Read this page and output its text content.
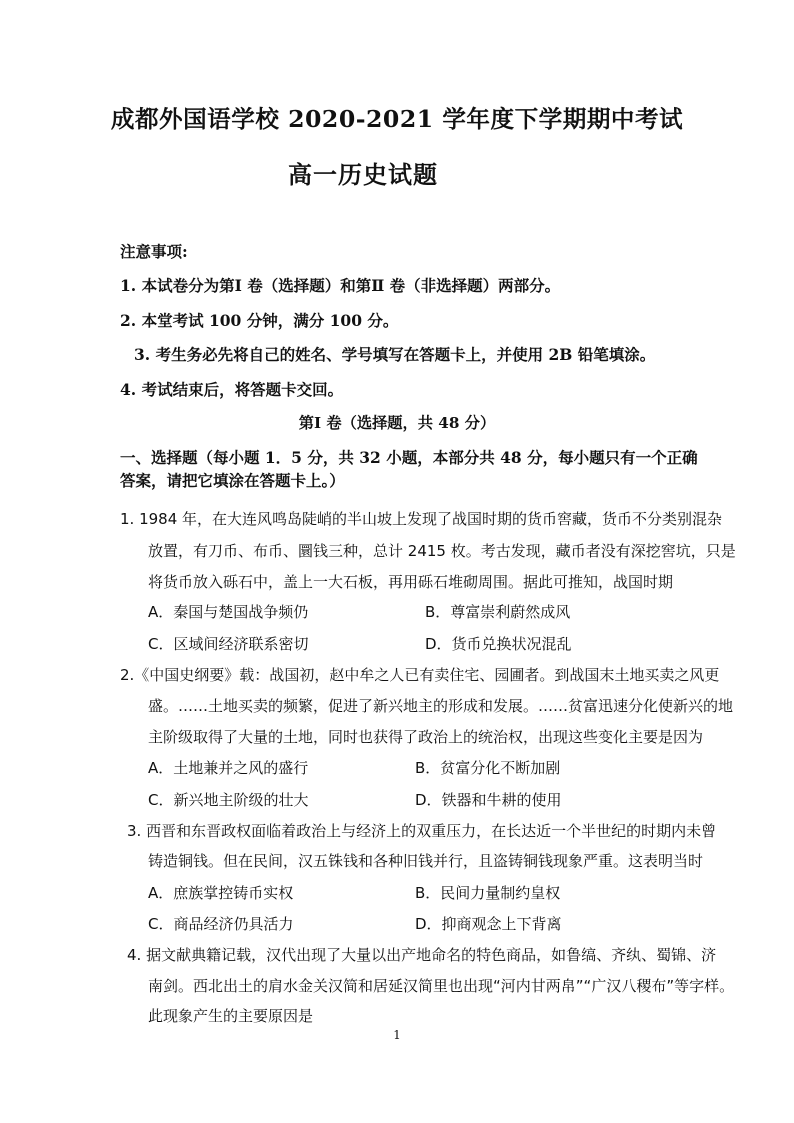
成都外国语学校 2020-2021 学年度下学期期中考试
高一历史试题
注意事项:
1. 本试卷分为第Ⅰ 卷（选择题）和第Ⅱ 卷（非选择题）两部分。
2. 本堂考试 100 分钟，满分 100 分。
3. 考生务必先将自己的姓名、学号填写在答题卡上，并使用 2B 铅笔填涂。
4. 考试结束后，将答题卡交回。
第Ⅰ 卷（选择题，共 48 分）
一、选择题（每小题 1．5 分，共 32 小题，本部分共 48 分，每小题只有一个正确
答案，请把它填涂在答题卡上。）
1. 1984 年，在大连风鸣岛陡峭的半山坡上发现了战国时期的货币窖藏，货币不分类别混杂
放置，有刀币、布币、圜钱三种，总计 2415 枚。考古发现，藏币者没有深挖窖坑，只是
将货币放入砾石中，盖上一大石板，再用砾石堆砌周围。据此可推知，战国时期
A．秦国与楚国战争频仍	B．尊富崇利蔚然成风
C．区域间经济联系密切	D．货币兑换状况混乱
2.《中国史纲要》载：战国初，赵中牟之人已有卖住宅、园圃者。到战国末土地买卖之风更
盛。……土地买卖的频繁，促进了新兴地主的形成和发展。……贫富迅速分化使新兴的地
主阶级取得了大量的土地，同时也获得了政治上的统治权，出现这些变化主要是因为
A．土地兼并之风的盛行	B．贫富分化不断加剧
C．新兴地主阶级的壮大	D．铁器和牛耕的使用
3. 西晋和东晋政权面临着政治上与经济上的双重压力，在长达近一个半世纪的时期内未曾
铸造铜钱。但在民间，汉五铢钱和各种旧钱并行，且盗铸铜钱现象严重。这表明当时
A．庶族掌控铸币实权	B．民间力量制约皇权
C．商品经济仍具活力	D．抑商观念上下背离
4. 据文献典籍记载，汉代出现了大量以出产地命名的特色商品，如鲁缟、齐纨、蜀锦、济
南剑。西北出土的肩水金关汉简和居延汉简里也出现“河内甘两帛”“广汉八稷布”等字样。
此现象产生的主要原因是
1
